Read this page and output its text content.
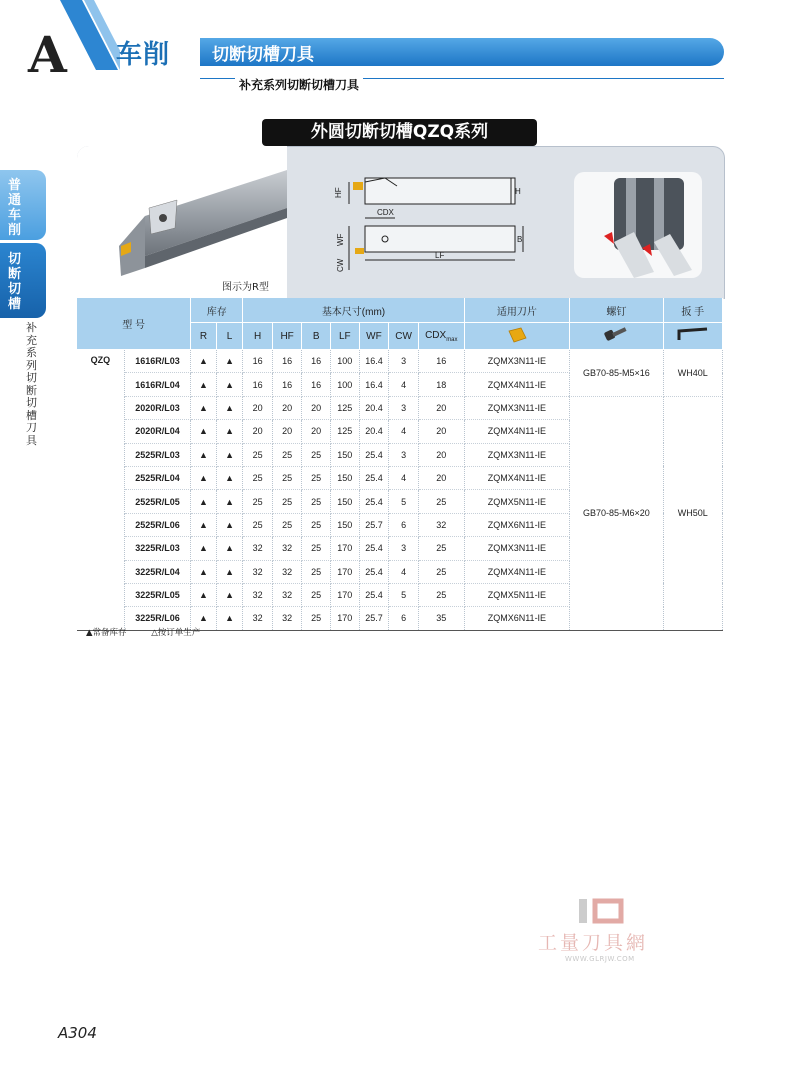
A 车削 切断切槽刀具
补充系列切断切槽刀具
普通车削
切断切槽
补充系列切断切槽刀具
外圆切断切槽QZQ系列
HF	H
CDX
WF	B
CW
LF
图示为R型
型 号		库存		基本尺寸(mm)							适用刀片	螺钉	扳 手
		R	L	H	HF	B	LF	WF	CW	$CDX_{max}$			
QZQ	1616R/L03	▲	▲	16	16	16	100	16.4	3	16	ZQMX3N11-IE	GB70-85-M5×16	WH40L
	1616R/L04	▲	▲	16	16	16	100	16.4	4	18	ZQMX4N11-IE		
	2020R/L03	▲	▲	20	20	20	125	20.4	3	20	ZQMX3N11-IE	GB70-85-M6×20	WH50L
	2020R/L04	▲	▲	20	20	20	125	20.4	4	20	ZQMX4N11-IE		
	2525R/L03	▲	▲	25	25	25	150	25.4	3	20	ZQMX3N11-IE		
	2525R/L04	▲	▲	25	25	25	150	25.4	4	20	ZQMX4N11-IE		
	2525R/L05	▲	▲	25	25	25	150	25.4	5	25	ZQMX5N11-IE		
	2525R/L06	▲	▲	25	25	25	150	25.7	6	32	ZQMX6N11-IE		
	3225R/L03	▲	▲	32	32	25	170	25.4	3	25	ZQMX3N11-IE		
	3225R/L04	▲	▲	32	32	25	170	25.4	4	25	ZQMX4N11-IE		
	3225R/L05	▲	▲	32	32	25	170	25.4	5	25	ZQMX5N11-IE		
	3225R/L06	▲	▲	32	32	25	170	25.7	6	35	ZQMX6N11-IE		
▲常备库存	△按订单生产
工量刀具網
WWW.GLRJW.COM
A304
